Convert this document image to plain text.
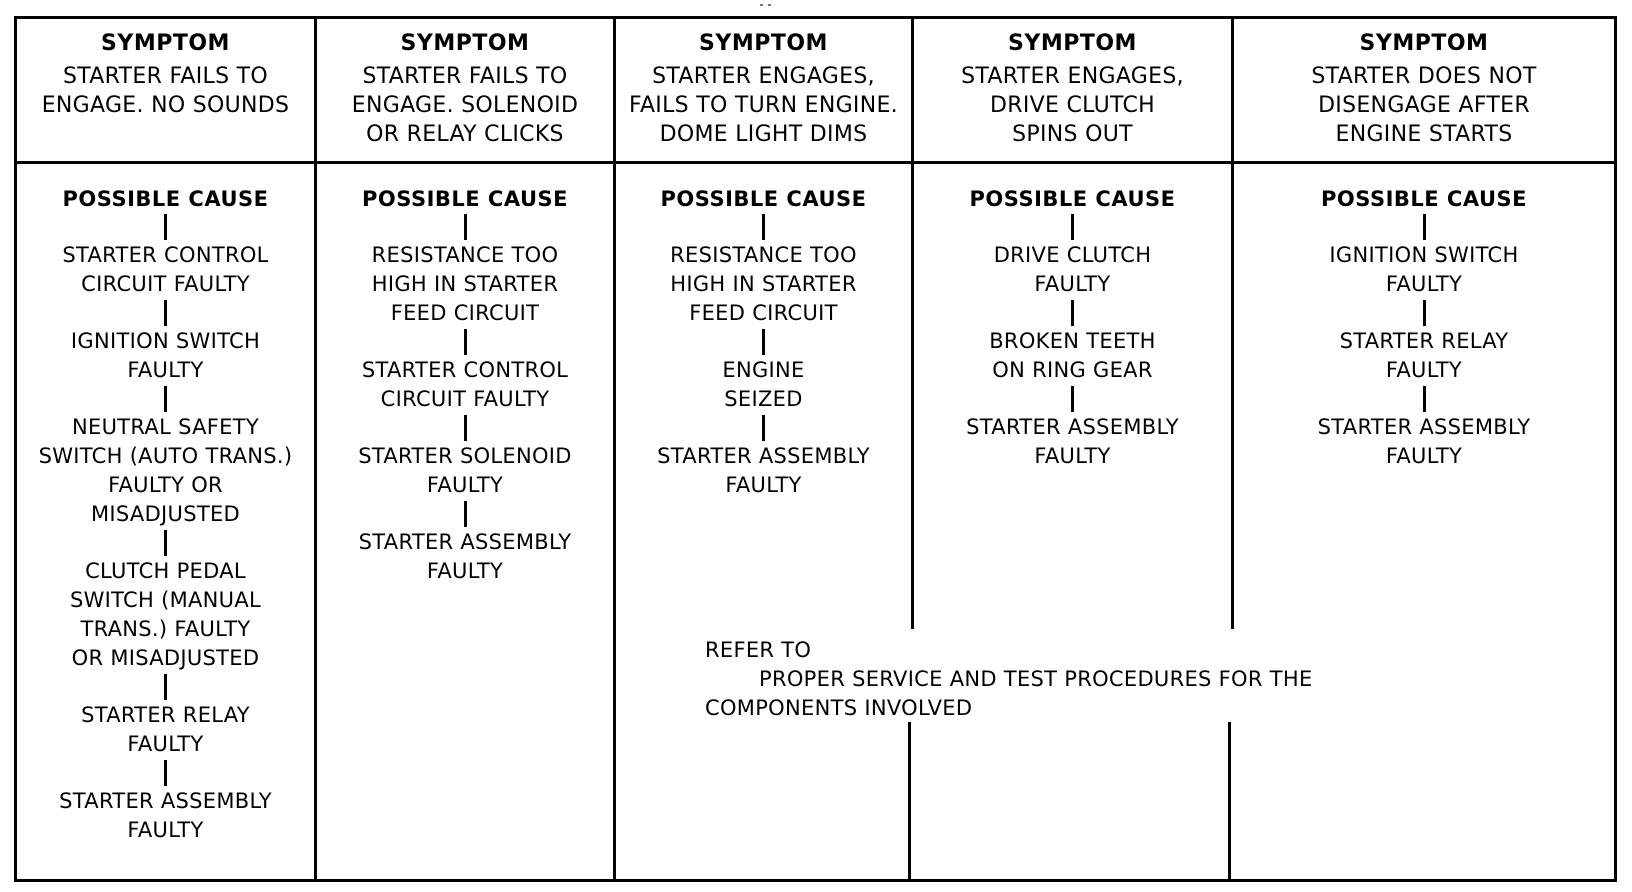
SYMPTOM
STARTER FAILS TO
ENGAGE. NO SOUNDS
POSSIBLE CAUSE
STARTER CONTROL
CIRCUIT FAULTY
IGNITION SWITCH
FAULTY
NEUTRAL SAFETY
SWITCH (AUTO TRANS.)
FAULTY OR
MISADJUSTED
CLUTCH PEDAL
SWITCH (MANUAL
TRANS.) FAULTY
OR MISADJUSTED
STARTER RELAY
FAULTY
STARTER ASSEMBLY
FAULTY
SYMPTOM
STARTER FAILS TO
ENGAGE. SOLENOID
OR RELAY CLICKS
POSSIBLE CAUSE
RESISTANCE TOO
HIGH IN STARTER
FEED CIRCUIT
STARTER CONTROL
CIRCUIT FAULTY
STARTER SOLENOID
FAULTY
STARTER ASSEMBLY
FAULTY
SYMPTOM
STARTER ENGAGES,
FAILS TO TURN ENGINE.
DOME LIGHT DIMS
POSSIBLE CAUSE
RESISTANCE TOO
HIGH IN STARTER
FEED CIRCUIT
ENGINE
SEIZED
STARTER ASSEMBLY
FAULTY
SYMPTOM
STARTER ENGAGES,
DRIVE CLUTCH
SPINS OUT
POSSIBLE CAUSE
DRIVE CLUTCH
FAULTY
BROKEN TEETH
ON RING GEAR
STARTER ASSEMBLY
FAULTY
SYMPTOM
STARTER DOES NOT
DISENGAGE AFTER
ENGINE STARTS
POSSIBLE CAUSE
IGNITION SWITCH
FAULTY
STARTER RELAY
FAULTY
STARTER ASSEMBLY
FAULTY
REFER TO
PROPER SERVICE AND TEST PROCEDURES FOR THE
COMPONENTS INVOLVED
